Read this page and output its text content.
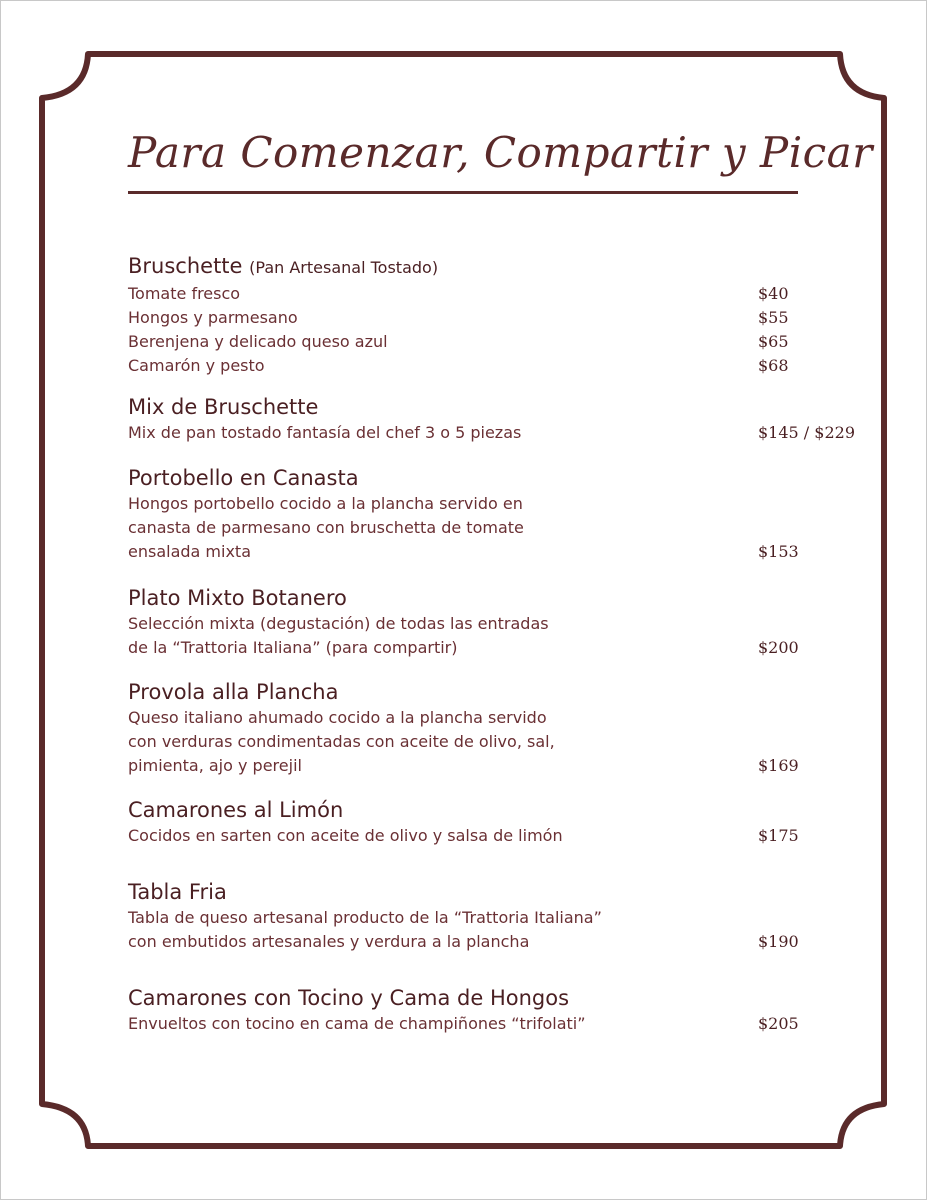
Para Comenzar, Compartir y Picar
Bruschette (Pan Artesanal Tostado)
Tomate fresco	$40
Hongos y parmesano	$55
Berenjena y delicado queso azul	$65
Camarón y pesto	$68
Mix de Bruschette
Mix de pan tostado fantasía del chef 3 o 5 piezas	$145 / $229
Portobello en Canasta
Hongos portobello cocido a la plancha servido en
canasta de parmesano con bruschetta de tomate
ensalada mixta	$153
Plato Mixto Botanero
Selección mixta (degustación) de todas las entradas
de la “Trattoria Italiana” (para compartir)	$200
Provola alla Plancha
Queso italiano ahumado cocido a la plancha servido
con verduras condimentadas con aceite de olivo, sal,
pimienta, ajo y perejil	$169
Camarones al Limón
Cocidos en sarten con aceite de olivo y salsa de limón	$175
Tabla Fria
Tabla de queso artesanal producto de la “Trattoria Italiana”
con embutidos artesanales y verdura a la plancha	$190
Camarones con Tocino y Cama de Hongos
Envueltos con tocino en cama de champiñones “trifolati”	$205
